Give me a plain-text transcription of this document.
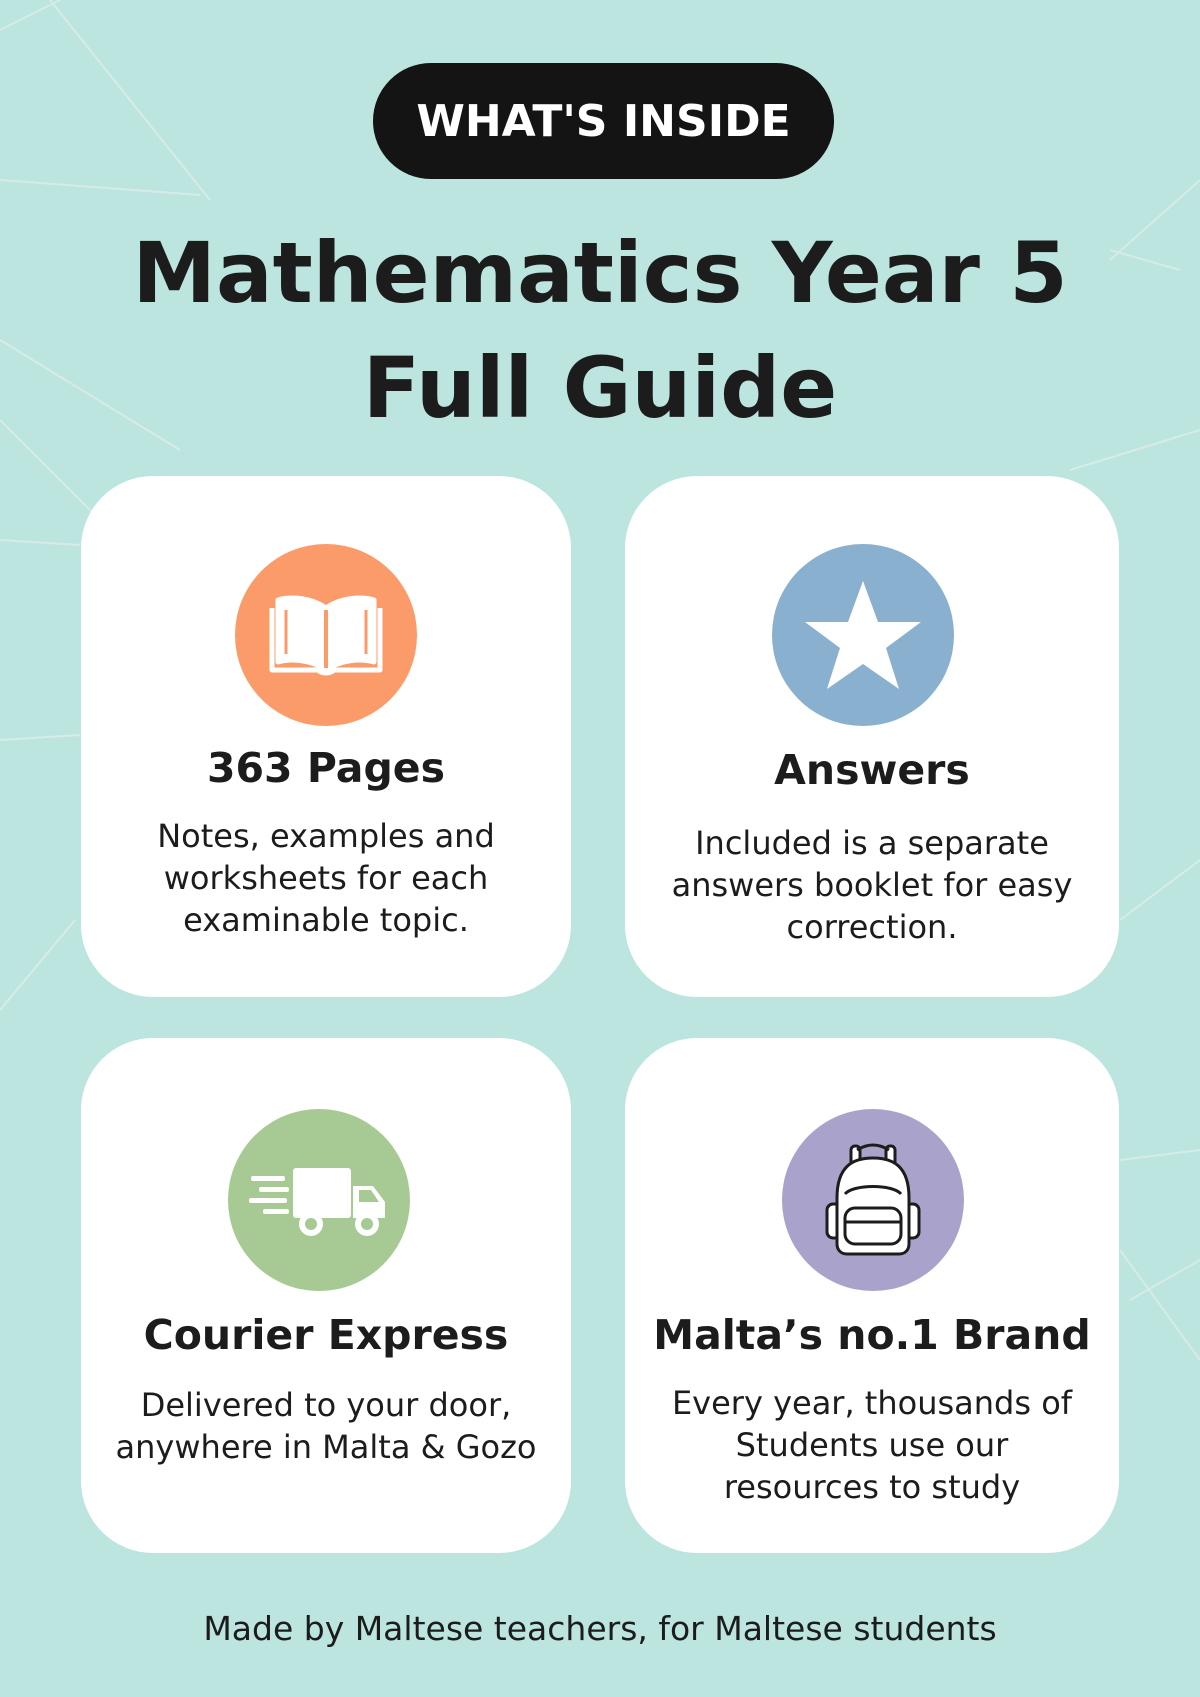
WHAT'S INSIDE
Mathematics Year 5
Full Guide

363 Pages

Notes, examples and worksheets for each examinable topic.

Answers

Included is a separate answers booklet for easy correction.

Courier Express

Delivered to your door, anywhere in Malta & Gozo

Malta’s no.1 Brand

Every year, thousands of Students use our resources to study

Made by Maltese teachers, for Maltese students
